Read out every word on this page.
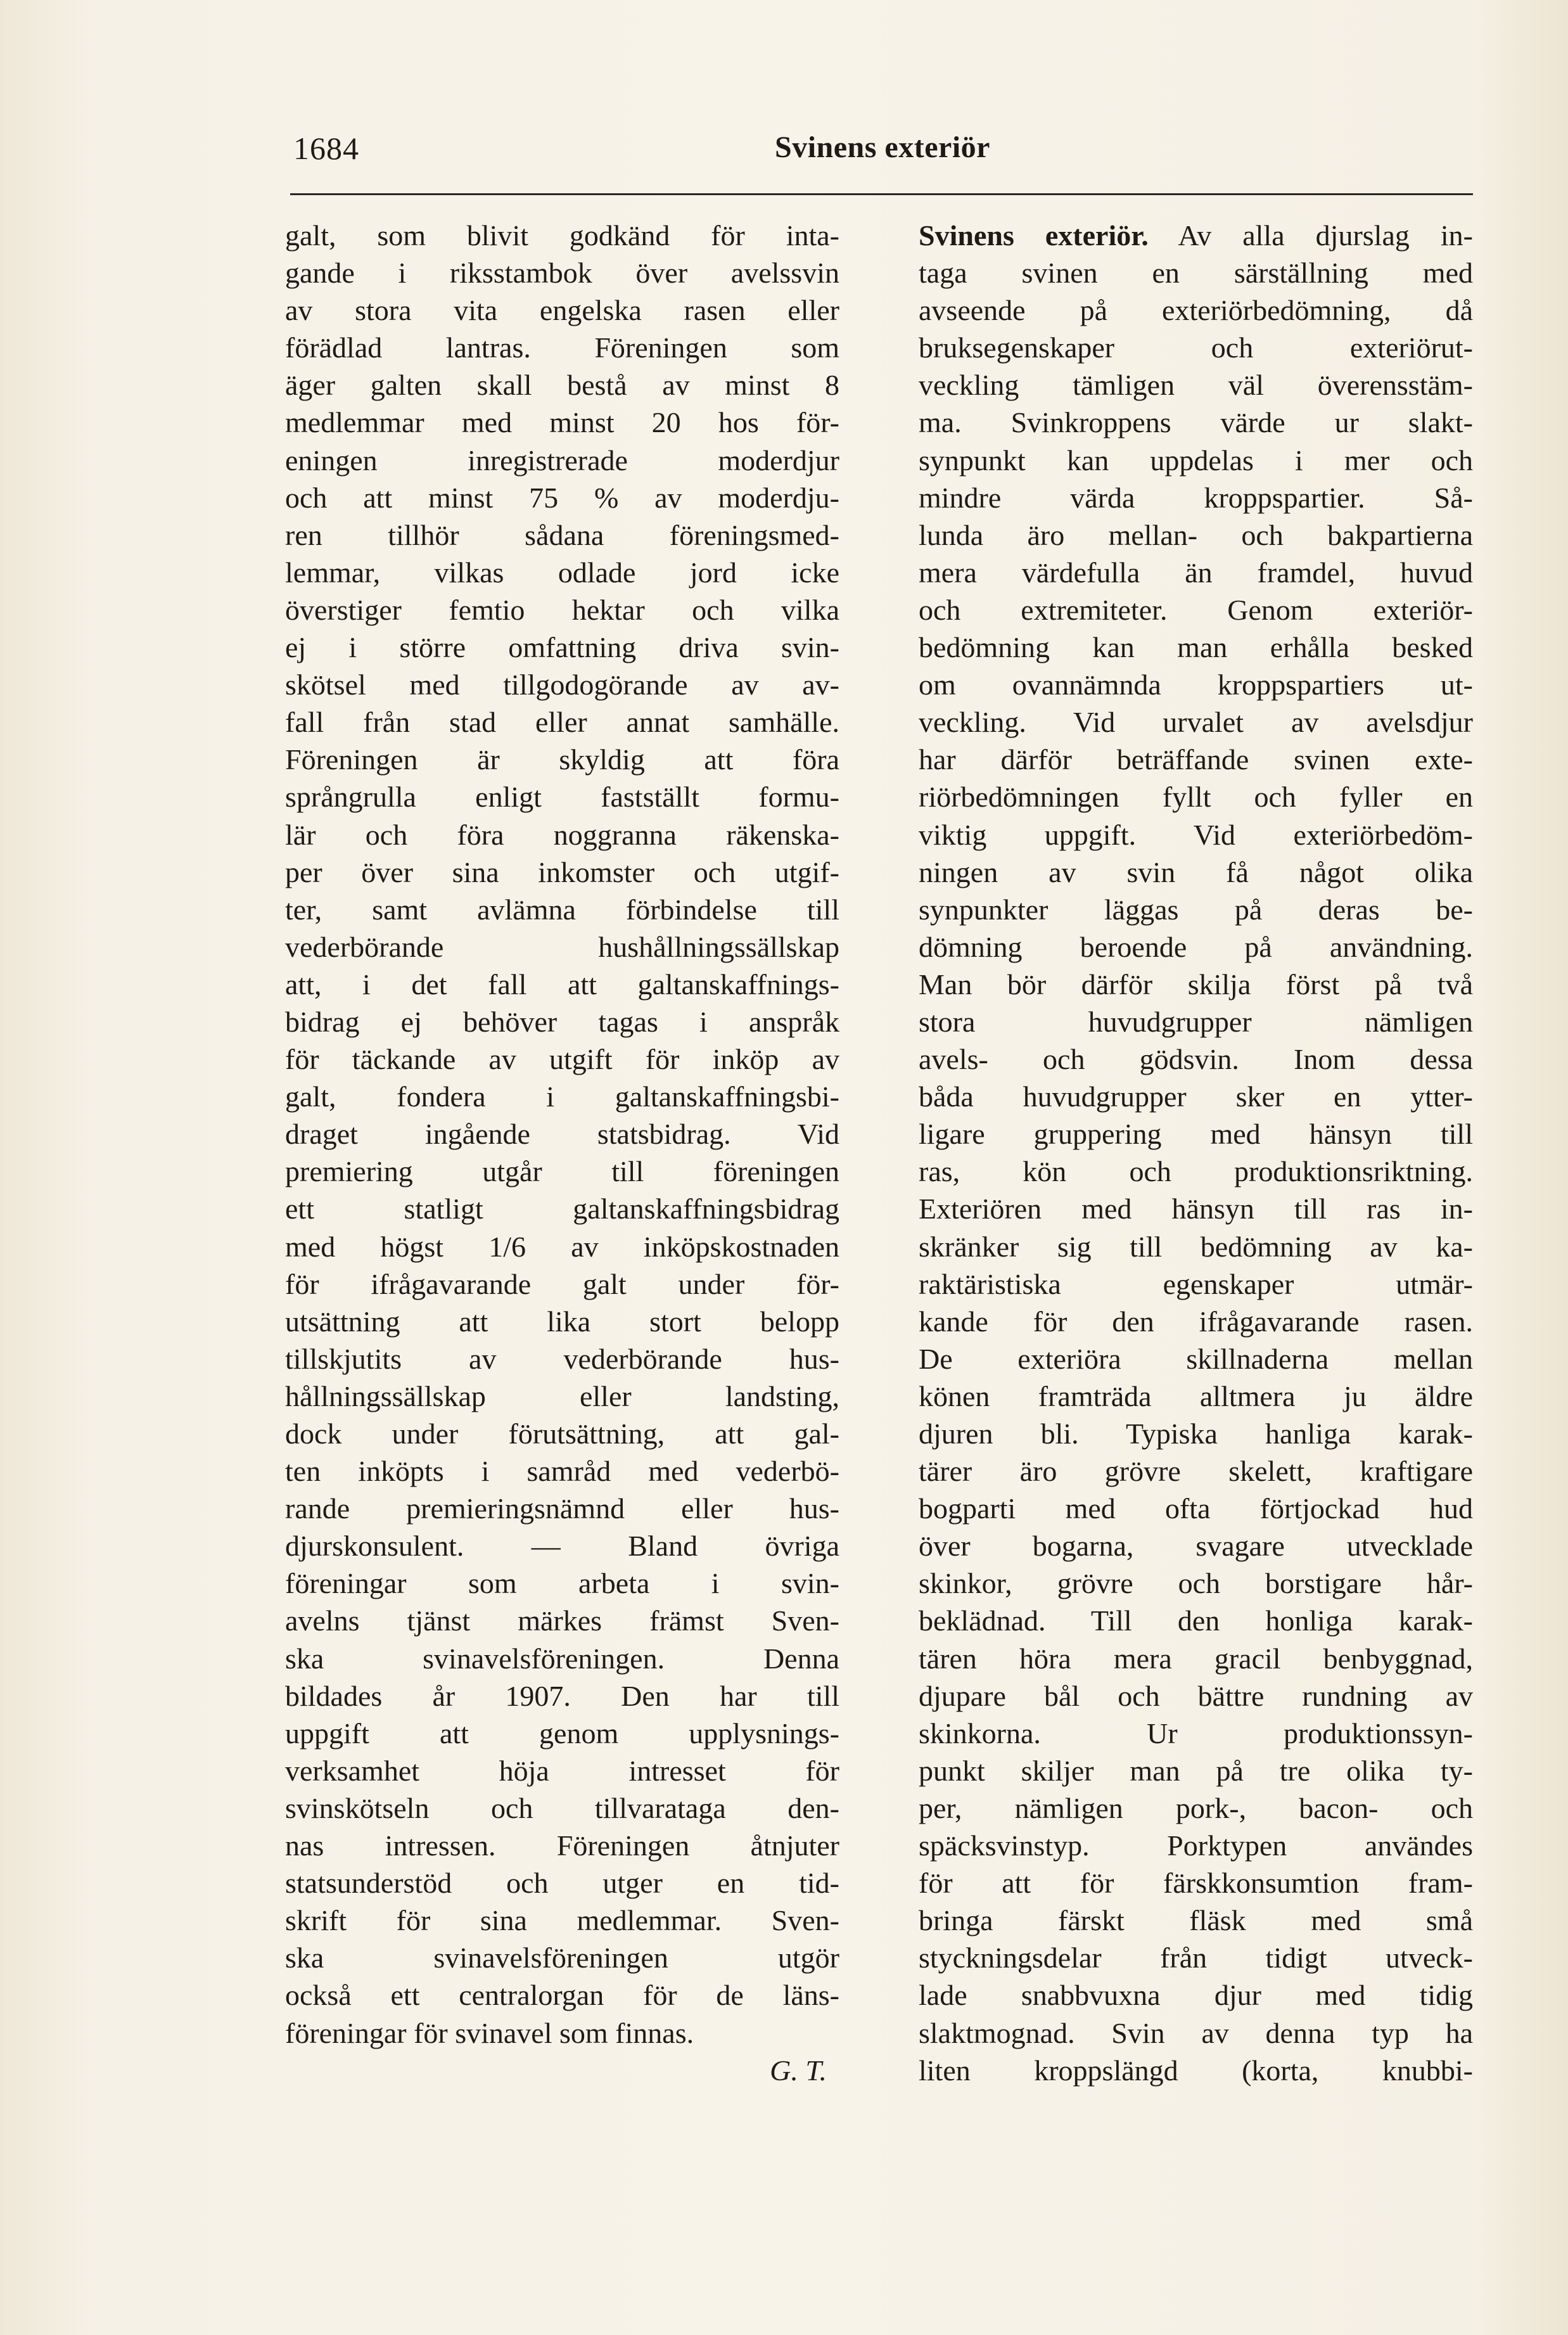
1684	Svinens exteriör
galt, som blivit godkänd för inta-
gande i riksstambok över avelssvin
av stora vita engelska rasen eller
förädlad lantras. Föreningen som
äger galten skall bestå av minst 8
medlemmar med minst 20 hos för-
eningen inregistrerade moderdjur
och att minst 75 % av moderdju-
ren tillhör sådana föreningsmed-
lemmar, vilkas odlade jord icke
överstiger femtio hektar och vilka
ej i större omfattning driva svin-
skötsel med tillgodogörande av av-
fall från stad eller annat samhälle.
Föreningen är skyldig att föra
språngrulla enligt fastställt formu-
lär och föra noggranna räkenska-
per över sina inkomster och utgif-
ter, samt avlämna förbindelse till
vederbörande hushållningssällskap
att, i det fall att galtanskaffnings-
bidrag ej behöver tagas i anspråk
för täckande av utgift för inköp av
galt, fondera i galtanskaffningsbi-
draget ingående statsbidrag. Vid
premiering utgår till föreningen
ett statligt galtanskaffningsbidrag
med högst 1/6 av inköpskostnaden
för ifrågavarande galt under för-
utsättning att lika stort belopp
tillskjutits av vederbörande hus-
hållningssällskap eller landsting,
dock under förutsättning, att gal-
ten inköpts i samråd med vederbö-
rande premieringsnämnd eller hus-
djurskonsulent. — Bland övriga
föreningar som arbeta i svin-
avelns tjänst märkes främst Sven-
ska svinavelsföreningen. Denna
bildades år 1907. Den har till
uppgift att genom upplysnings-
verksamhet höja intresset för
svinskötseln och tillvaratаga den-
nas intressen. Föreningen åtnjuter
statsunderstöd och utger en tid-
skrift för sina medlemmar. Sven-
ska svinavelsföreningen utgör
också ett centralorgan för de läns-
föreningar för svinavel som finnas.
G. T.
Svinens exteriör. Av alla djurslag in-
taga svinen en särställning med
avseende på exteriörbedömning, då
bruksegenskaper och exteriörut-
veckling tämligen väl överensstäm-
ma. Svinkroppens värde ur slakt-
synpunkt kan uppdelas i mer och
mindre värda kroppspartier. Så-
lunda äro mellan- och bakpartierna
mera värdefulla än framdel, huvud
och extremiteter. Genom exteriör-
bedömning kan man erhålla besked
om ovannämnda kroppspartiers ut-
veckling. Vid urvalet av avelsdjur
har därför beträffande svinen exte-
riörbedömningen fyllt och fyller en
viktig uppgift. Vid exteriörbedöm-
ningen av svin få något olika
synpunkter läggas på deras be-
dömning beroende på användning.
Man bör därför skilja först på två
stora huvudgrupper nämligen
avels- och gödsvin. Inom dessa
båda huvudgrupper sker en ytter-
ligare gruppering med hänsyn till
ras, kön och produktionsriktning.
Exteriören med hänsyn till ras in-
skränker sig till bedömning av ka-
raktäristiska egenskaper utmär-
kande för den ifrågavarande rasen.
De exteriöra skillnaderna mellan
könen framträda alltmera ju äldre
djuren bli. Typiska hanliga karak-
tärer äro grövre skelett, kraftigare
bogparti med ofta förtjockad hud
över bogarna, svagare utvecklade
skinkor, grövre och borstigare hår-
beklädnad. Till den honliga karak-
tären höra mera gracil benbyggnad,
djupare bål och bättre rundning av
skinkorna. Ur produktionssyn-
punkt skiljer man på tre olika ty-
per, nämligen pork-, bacon- och
späcksvinstyp. Porktypen användes
för att för färskkonsumtion fram-
bringa färskt fläsk med små
styckningsdelar från tidigt utveck-
lade snabbvuxna djur med tidig
slaktmognad. Svin av denna typ ha
liten kroppslängd (korta, knubbi-
